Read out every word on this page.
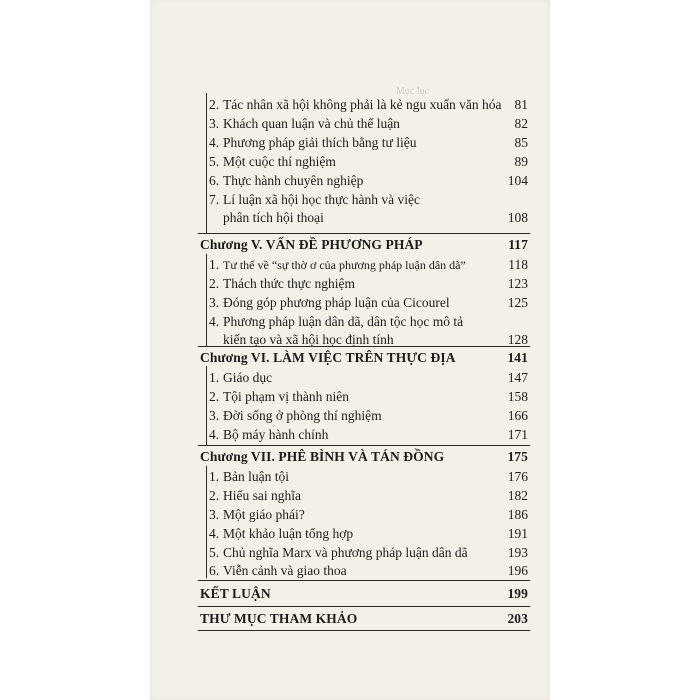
Mục lục
2. Tác nhân xã hội không phải là kẻ ngu xuẩn văn hóa 81
3. Khách quan luận và chủ thể luận	82
4. Phương pháp giải thích bằng tư liệu	85
5. Một cuộc thí nghiệm	89
6. Thực hành chuyên nghiệp	104
7. Lí luận xã hội học thực hành và việc
phân tích hội thoại	108
Chương V. VẤN ĐỀ PHƯƠNG PHÁP	117
1. Tư thế về “sự thờ ơ của phương pháp luận dân dã”	118
2. Thách thức thực nghiệm	123
3. Đóng góp phương pháp luận của Cicourel	125
4. Phương pháp luận dân dã, dân tộc học mô tả
kiến tạo và xã hội học định tính	128
Chương VI. LÀM VIỆC TRÊN THỰC ĐỊA	141
1. Giáo dục	147
2. Tội phạm vị thành niên	158
3. Đời sống ở phòng thí nghiệm	166
4. Bộ máy hành chính	171
Chương VII. PHÊ BÌNH VÀ TÁN ĐỒNG	175
1. Bản luận tội	176
2. Hiểu sai nghĩa	182
3. Một giáo phái?	186
4. Một khảo luận tổng hợp	191
5. Chủ nghĩa Marx và phương pháp luận dân dã	193
6. Viễn cảnh và giao thoa	196
KẾT LUẬN	199
THƯ MỤC THAM KHẢO	203
